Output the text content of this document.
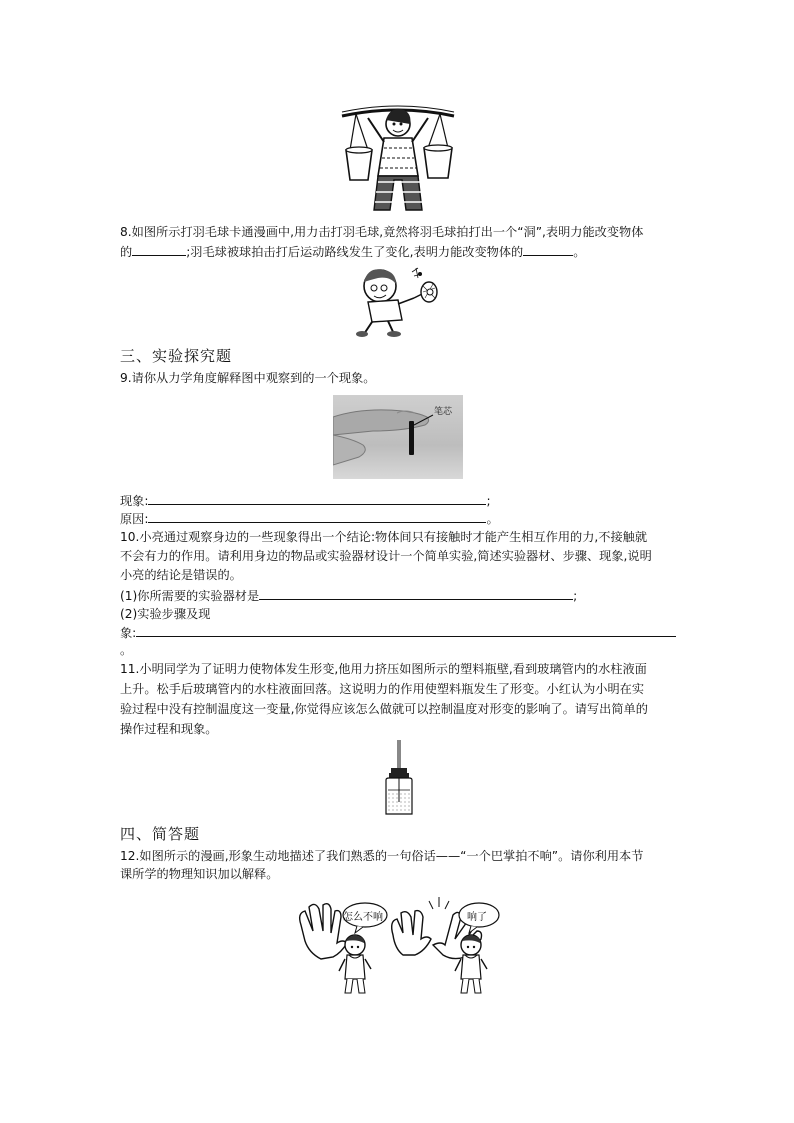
8.如图所示打羽毛球卡通漫画中,用力击打羽毛球,竟然将羽毛球拍打出一个“洞”,表明力能改变物体
的	;羽毛球被球拍击打后运动路线发生了变化,表明力能改变物体的	。
三、实验探究题
9.请你从力学角度解释图中观察到的一个现象。
笔芯
现象:	;
原因:	。
10.小亮通过观察身边的一些现象得出一个结论:物体间只有接触时才能产生相互作用的力,不接触就
不会有力的作用。请利用身边的物品或实验器材设计一个简单实验,简述实验器材、步骤、现象,说明
小亮的结论是错误的。
(1)你所需要的实验器材是	;
(2)实验步骤及现
象:
。
11.小明同学为了证明力使物体发生形变,他用力挤压如图所示的塑料瓶壁,看到玻璃管内的水柱液面
上升。松手后玻璃管内的水柱液面回落。这说明力的作用使塑料瓶发生了形变。小红认为小明在实
验过程中没有控制温度这一变量,你觉得应该怎么做就可以控制温度对形变的影响了。请写出简单的
操作过程和现象。
四、简答题
12.如图所示的漫画,形象生动地描述了我们熟悉的一句俗话——“一个巴掌拍不响”。请你利用本节
课所学的物理知识加以解释。
怎么不响	响了
